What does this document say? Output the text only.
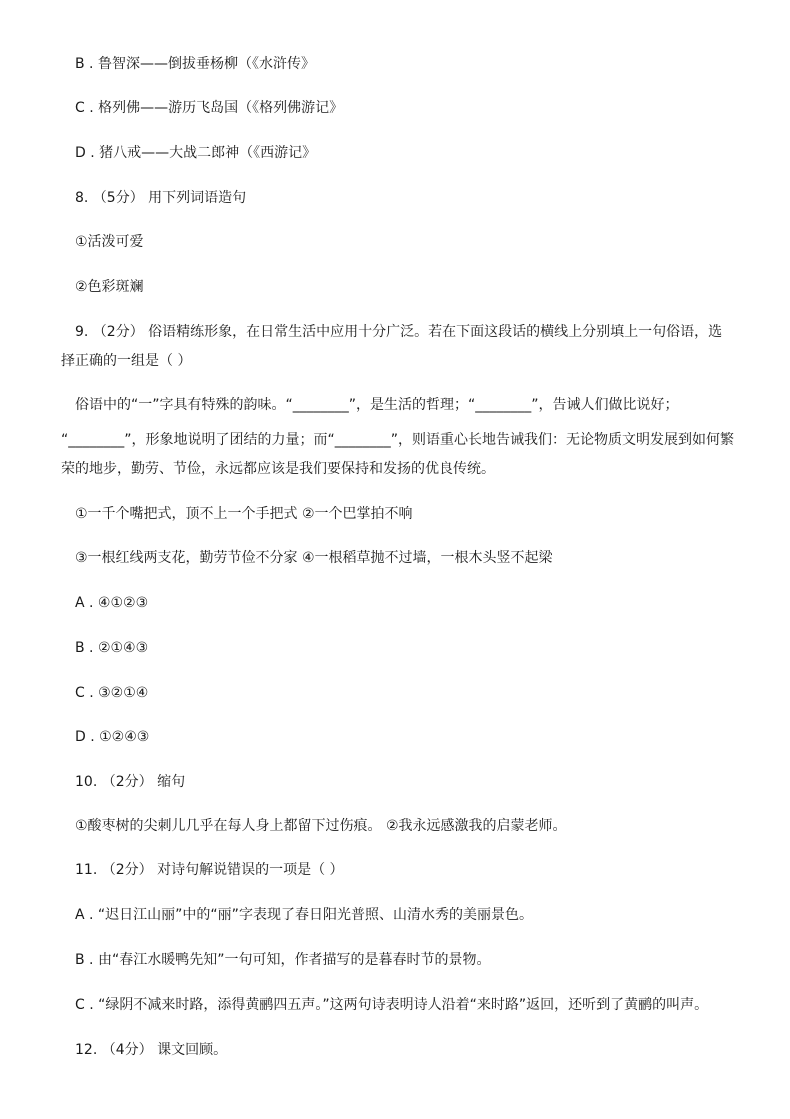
B . 鲁智深——倒拔垂杨柳（《水浒传》
C . 格列佛——游历飞岛国（《格列佛游记》
D . 猪八戒——大战二郎神（《西游记》
8. （5分） 用下列词语造句
①活泼可爱
②色彩斑斓
9. （2分） 俗语精练形象，在日常生活中应用十分广泛。若在下面这段话的横线上分别填上一句俗语，选
择正确的一组是（ ）
俗语中的“一”字具有特殊的韵味。“________”，是生活的哲理；“________”，告诫人们做比说好；
“________”，形象地说明了团结的力量；而“________”，则语重心长地告诫我们：无论物质文明发展到如何繁
荣的地步，勤劳、节俭，永远都应该是我们要保持和发扬的优良传统。
①一千个嘴把式，顶不上一个手把式 ②一个巴掌拍不响
③一根红线两支花，勤劳节俭不分家 ④一根稻草抛不过墙，一根木头竖不起梁
A . ④①②③
B . ②①④③
C . ③②①④
D . ①②④③
10. （2分） 缩句
①酸枣树的尖刺儿几乎在每人身上都留下过伤痕。 ②我永远感激我的启蒙老师。
11. （2分） 对诗句解说错误的一项是（ ）
A . “迟日江山丽”中的“丽”字表现了春日阳光普照、山清水秀的美丽景色。
B . 由“春江水暖鸭先知”一句可知，作者描写的是暮春时节的景物。
C . “绿阴不减来时路，添得黄鹂四五声。”这两句诗表明诗人沿着“来时路”返回，还听到了黄鹂的叫声。
12. （4分） 课文回顾。
